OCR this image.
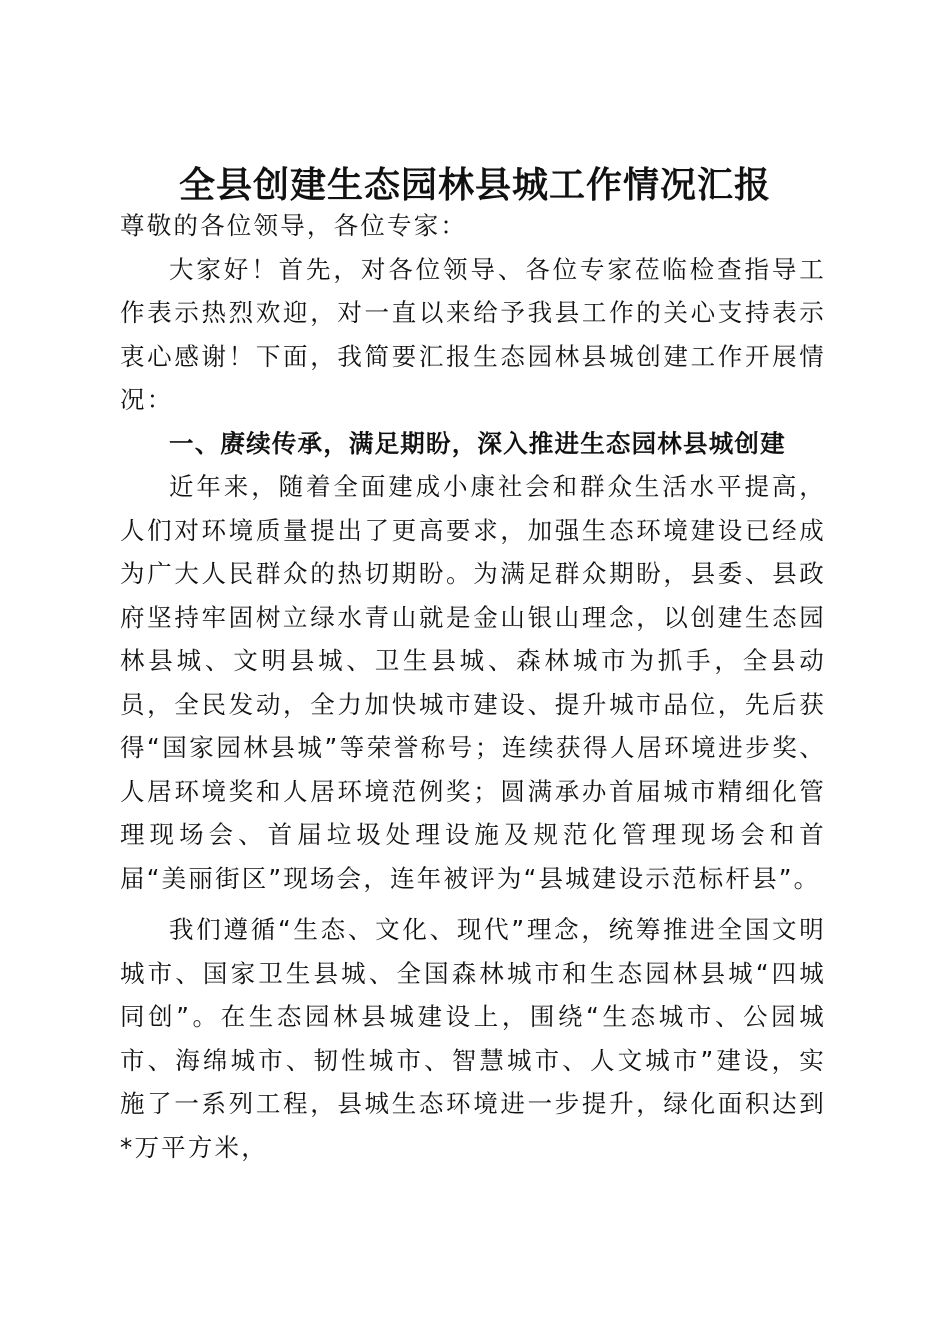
全县创建生态园林县城工作情况汇报

尊敬的各位领导，各位专家：

大家好！首先，对各位领导、各位专家莅临检查指导工作表示热烈欢迎，对一直以来给予我县工作的关心支持表示衷心感谢！下面，我简要汇报生态园林县城创建工作开展情况：

一、赓续传承，满足期盼，深入推进生态园林县城创建

近年来，随着全面建成小康社会和群众生活水平提高，人们对环境质量提出了更高要求，加强生态环境建设已经成为广大人民群众的热切期盼。为满足群众期盼，县委、县政府坚持牢固树立绿水青山就是金山银山理念，以创建生态园林县城、文明县城、卫生县城、森林城市为抓手，全县动员，全民发动，全力加快城市建设、提升城市品位，先后获得“国家园林县城”等荣誉称号；连续获得人居环境进步奖、人居环境奖和人居环境范例奖；圆满承办首届城市精细化管理现场会、首届垃圾处理设施及规范化管理现场会和首届“美丽街区”现场会，连年被评为“县城建设示范标杆县”。

我们遵循“生态、文化、现代”理念，统筹推进全国文明城市、国家卫生县城、全国森林城市和生态园林县城“四城同创”。在生态园林县城建设上，围绕“生态城市、公园城市、海绵城市、韧性城市、智慧城市、人文城市”建设，实施了一系列工程，县城生态环境进一步提升，绿化面积达到*万平方米，
